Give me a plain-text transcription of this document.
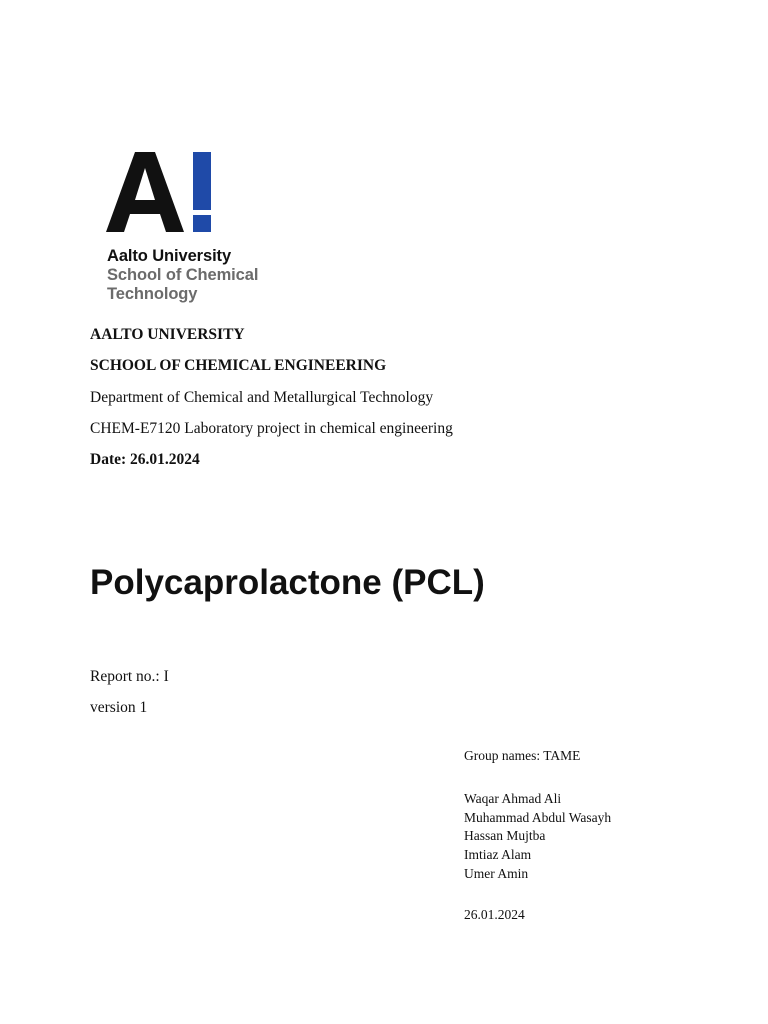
Aalto University
School of Chemical
Technology
AALTO UNIVERSITY
SCHOOL OF CHEMICAL ENGINEERING
Department of Chemical and Metallurgical Technology
CHEM-E7120 Laboratory project in chemical engineering
Date: 26.01.2024
Polycaprolactone (PCL)
Report no.: I
version 1
Group names: TAME
Waqar Ahmad Ali
Muhammad Abdul Wasayh
Hassan Mujtba
Imtiaz Alam
Umer Amin
26.01.2024
